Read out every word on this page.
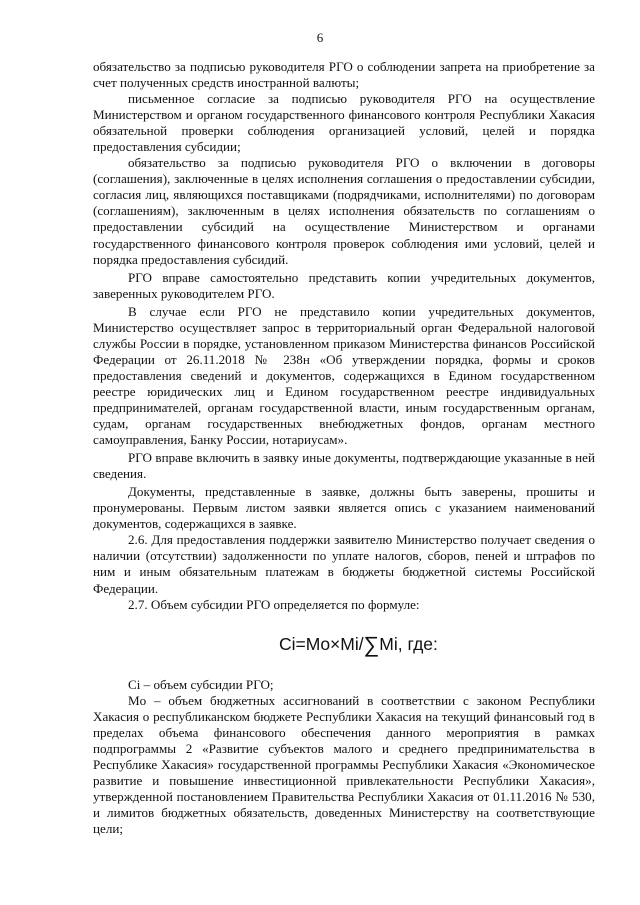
6

обязательство за подписью руководителя РГО о соблюдении запрета на приобретение за счет полученных средств иностранной валюты;

письменное согласие за подписью руководителя РГО на осуществление Министерством и органом государственного финансового контроля Республики Хакасия обязательной проверки соблюдения организацией условий, целей и порядка предоставления субсидии;

обязательство за подписью руководителя РГО о включении в договоры (соглашения), заключенные в целях исполнения соглашения о предоставлении субсидии, согласия лиц, являющихся поставщиками (подрядчиками, исполнителями) по договорам (соглашениям), заключенным в целях исполнения обязательств по соглашениям о предоставлении субсидий на осуществление Министерством и органами государственного финансового контроля проверок соблюдения ими условий, целей и порядка предоставления субсидий.

РГО вправе самостоятельно представить копии учредительных документов, заверенных руководителем РГО.

В случае если РГО не представило копии учредительных документов, Министерство осуществляет запрос в территориальный орган Федеральной налоговой службы России в порядке, установленном приказом Министерства финансов Российской Федерации от 26.11.2018 № 238н «Об утверждении порядка, формы и сроков предоставления сведений и документов, содержащихся в Едином государственном реестре юридических лиц и Едином государственном реестре индивидуальных предпринимателей, органам государственной власти, иным государственным органам, судам, органам государственных внебюджетных фондов, органам местного самоуправления, Банку России, нотариусам».

РГО вправе включить в заявку иные документы, подтверждающие указанные в ней сведения.

Документы, представленные в заявке, должны быть заверены, прошиты и пронумерованы. Первым листом заявки является опись с указанием наименований документов, содержащихся в заявке.

2.6. Для предоставления поддержки заявителю Министерство получает сведения о наличии (отсутствии) задолженности по уплате налогов, сборов, пеней и штрафов по ним и иным обязательным платежам в бюджеты бюджетной системы Российской Федерации.

2.7. Объем субсидии РГО определяется по формуле:

Ci=Mo×Mi/∑Mi, где:

Ci – объем субсидии РГО;

Mo – объем бюджетных ассигнований в соответствии с законом Республики Хакасия о республиканском бюджете Республики Хакасия на текущий финансовый год в пределах объема финансового обеспечения данного мероприятия в рамках подпрограммы 2 «Развитие субъектов малого и среднего предпринимательства в Республике Хакасия» государственной программы Республики Хакасия «Экономическое развитие и повышение инвестиционной привлекательности Республики Хакасия», утвержденной постановлением Правительства Республики Хакасия от 01.11.2016 № 530, и лимитов бюджетных обязательств, доведенных Министерству на соответствующие цели;
